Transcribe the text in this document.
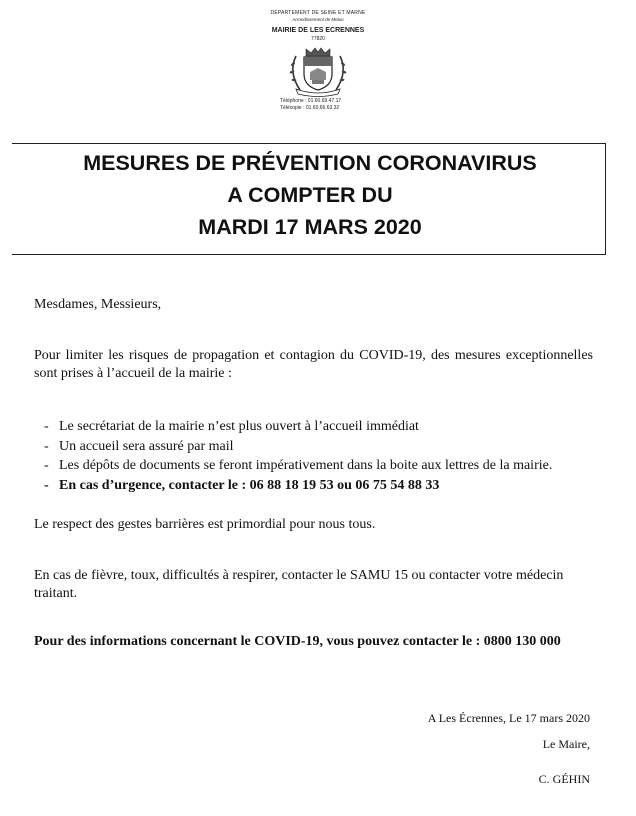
DÉPARTEMENT DE SEINE ET MARNE
Arrondissement de Melun
MAIRIE DE LES ECRENNES
77820
Téléphone : 01.60.69.47.17
Télécopie : 01.60.66.63.32
MESURES DE PRÉVENTION CORONAVIRUS
A COMPTER DU
MARDI 17 MARS 2020
Mesdames, Messieurs,
Pour limiter les risques de propagation et contagion du COVID-19, des mesures exceptionnelles sont prises à l’accueil de la mairie :
- Le secrétariat de la mairie n’est plus ouvert à l’accueil immédiat
- Un accueil sera assuré par mail
- Les dépôts de documents se feront impérativement dans la boite aux lettres de la mairie.
- En cas d’urgence, contacter le : 06 88 18 19 53 ou 06 75 54 88 33
Le respect des gestes barrières est primordial pour nous tous.
En cas de fièvre, toux, difficultés à respirer, contacter le SAMU 15 ou contacter votre médecin traitant.
Pour des informations concernant le COVID-19, vous pouvez contacter le : 0800 130 000
A Les Écrennes, Le 17 mars 2020
Le Maire,
C. GÉHIN
